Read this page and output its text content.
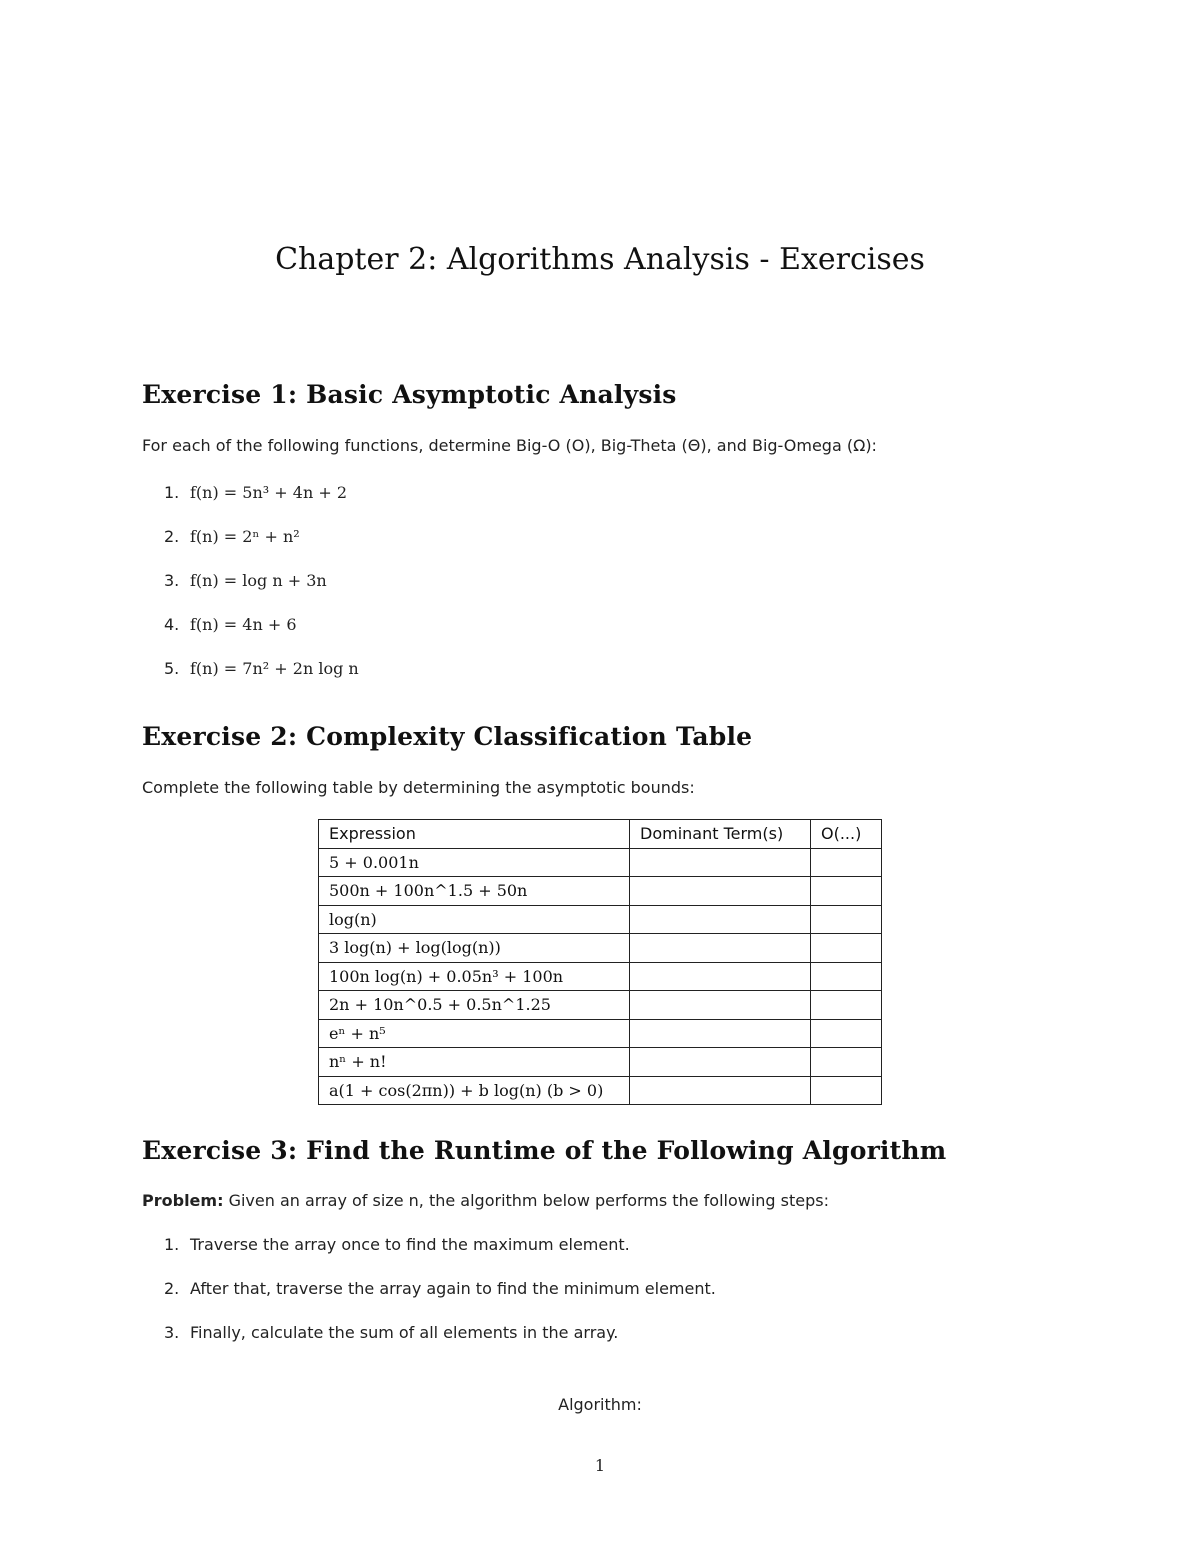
Chapter 2: Algorithms Analysis - Exercises
Exercise 1: Basic Asymptotic Analysis
For each of the following functions, determine Big-O (O), Big-Theta (Θ), and Big-Omega (Ω):
1. f(n) = 5n³ + 4n + 2
2. f(n) = 2ⁿ + n²
3. f(n) = log n + 3n
4. f(n) = 4n + 6
5. f(n) = 7n² + 2n log n
Exercise 2: Complexity Classification Table
Complete the following table by determining the asymptotic bounds:
Expression	Dominant Term(s)	O(...)
5 + 0.001n		
500n + 100n^1.5 + 50n		
log(n)		
3 log(n) + log(log(n))		
100n log(n) + 0.05n³ + 100n		
2n + 10n^0.5 + 0.5n^1.25		
eⁿ + n⁵		
nⁿ + n!		
a(1 + cos(2πn)) + b log(n) (b > 0)		
Exercise 3: Find the Runtime of the Following Algorithm
Problem: Given an array of size n, the algorithm below performs the following steps:
1. Traverse the array once to find the maximum element.
2. After that, traverse the array again to find the minimum element.
3. Finally, calculate the sum of all elements in the array.
Algorithm:
1
